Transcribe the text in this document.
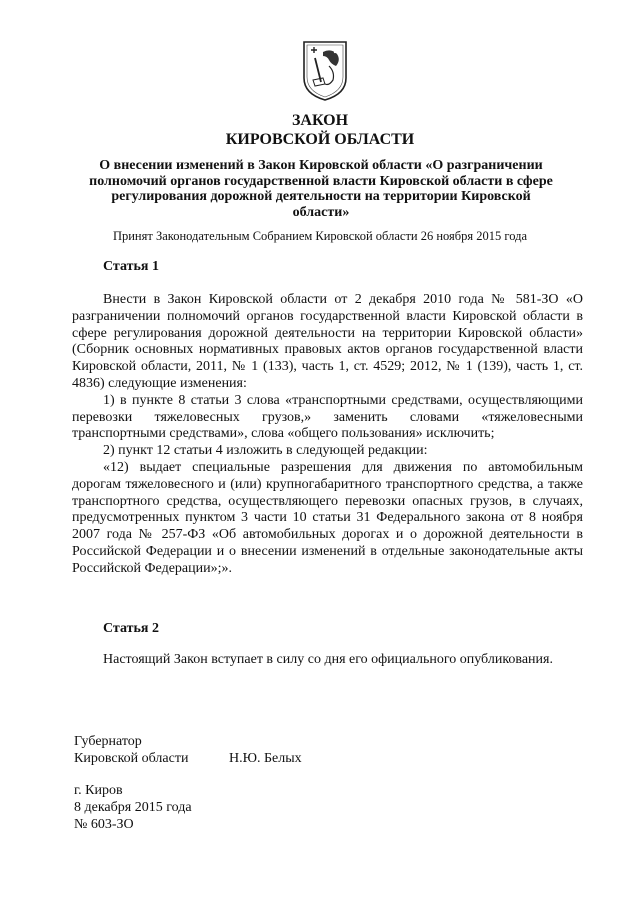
ЗАКОН
КИРОВСКОЙ ОБЛАСТИ
О внесении изменений в Закон Кировской области «О разграничении полномочий органов государственной власти Кировской области в сфере регулирования дорожной деятельности на территории Кировской области»
Принят Законодательным Собранием Кировской области 26 ноября 2015 года
Статья 1

Внести в Закон Кировской области от 2 декабря 2010 года № 581-ЗО «О разграничении полномочий органов государственной власти Кировской области в сфере регулирования дорожной деятельности на территории Кировской области» (Сборник основных нормативных правовых актов органов государственной власти Кировской области, 2011, № 1 (133), часть 1, ст. 4529; 2012, № 1 (139), часть 1, ст. 4836) следующие изменения:

1) в пункте 8 статьи 3 слова «транспортными средствами, осуществляющими перевозки тяжеловесных грузов,» заменить словами «тяжеловесными транспортными средствами», слова «общего пользования» исключить;

2) пункт 12 статьи 4 изложить в следующей редакции:

«12) выдает специальные разрешения для движения по автомобильным дорогам тяжеловесного и (или) крупногабаритного транспортного средства, а также транспортного средства, осуществляющего перевозки опасных грузов, в случаях, предусмотренных пунктом 3 части 10 статьи 31 Федерального закона от 8 ноября 2007 года № 257-ФЗ «Об автомобильных дорогах и о дорожной деятельности в Российской Федерации и о внесении изменений в отдельные законодательные акты Российской Федерации»;».

Статья 2

Настоящий Закон вступает в силу со дня его официального опубликования.

Губернатор
Кировской области	Н.Ю. Белых
г. Киров
8 декабря 2015 года
№ 603-ЗО
